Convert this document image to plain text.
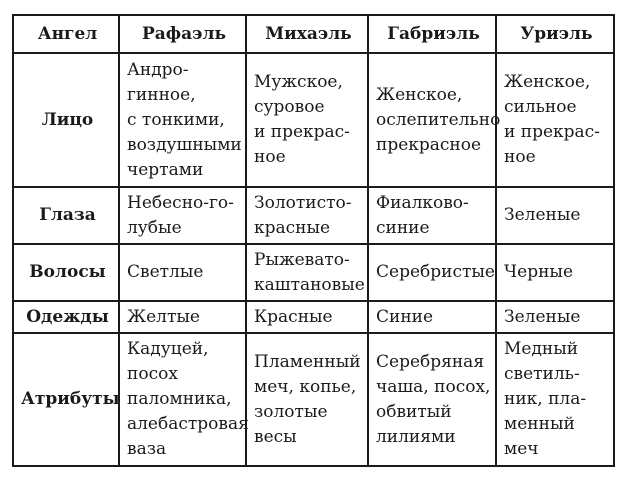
Ангел	Рафаэль	Михаэль	Габриэль	Уриэль
Лицо	Андро-
гинное,
с тонкими,
воздушными
чертами	Мужское,
суровое
и прекрас-
ное	Женское,
ослепительно
прекрасное	Женское,
сильное
и прекрас-
ное
Глаза	Небесно-го-
лубые	Золотисто-
красные	Фиалково-
синие	Зеленые
Волосы	Светлые	Рыжевато-
каштановые	Серебристые	Черные
Одежды	Желтые	Красные	Синие	Зеленые
Атрибуты	Кадуцей,
посох
паломника,
алебастровая
ваза	Пламенный
меч, копье,
золотые
весы	Серебряная
чаша, посох,
обвитый
лилиями	Медный
светиль-
ник, пла-
менный
меч
